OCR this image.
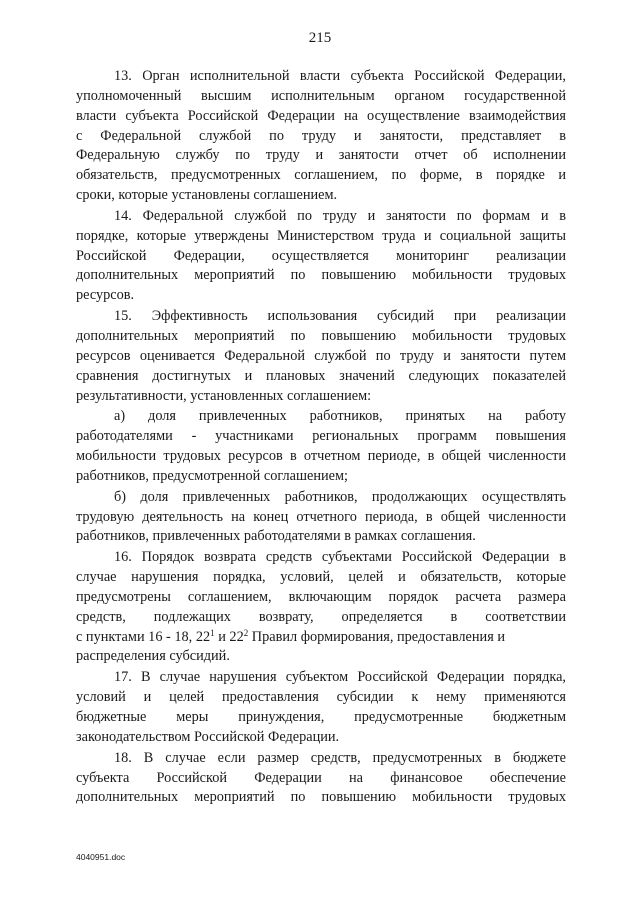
215
13. Орган исполнительной власти субъекта Российской Федерации,
уполномоченный высшим исполнительным органом государственной
власти субъекта Российской Федерации на осуществление взаимодействия
с Федеральной службой по труду и занятости, представляет в
Федеральную службу по труду и занятости отчет об исполнении
обязательств, предусмотренных соглашением, по форме, в порядке и
сроки, которые установлены соглашением.
14. Федеральной службой по труду и занятости по формам и в
порядке, которые утверждены Министерством труда и социальной защиты
Российской Федерации, осуществляется мониторинг реализации
дополнительных мероприятий по повышению мобильности трудовых
ресурсов.
15. Эффективность использования субсидий при реализации
дополнительных мероприятий по повышению мобильности трудовых
ресурсов оценивается Федеральной службой по труду и занятости путем
сравнения достигнутых и плановых значений следующих показателей
результативности, установленных соглашением:
а) доля привлеченных работников, принятых на работу
работодателями - участниками региональных программ повышения
мобильности трудовых ресурсов в отчетном периоде, в общей численности
работников, предусмотренной соглашением;
б) доля привлеченных работников, продолжающих осуществлять
трудовую деятельность на конец отчетного периода, в общей численности
работников, привлеченных работодателями в рамках соглашения.
16. Порядок возврата средств субъектами Российской Федерации в
случае нарушения порядка, условий, целей и обязательств, которые
предусмотрены соглашением, включающим порядок расчета размера
средств, подлежащих возврату, определяется в соответствии
с пунктами 16 - 18, $22^1$ и $22^2$ Правил формирования, предоставления и
распределения субсидий.
17. В случае нарушения субъектом Российской Федерации порядка,
условий и целей предоставления субсидии к нему применяются
бюджетные меры принуждения, предусмотренные бюджетным
законодательством Российской Федерации.
18. В случае если размер средств, предусмотренных в бюджете
субъекта Российской Федерации на финансовое обеспечение
дополнительных мероприятий по повышению мобильности трудовых
4040951.doc
